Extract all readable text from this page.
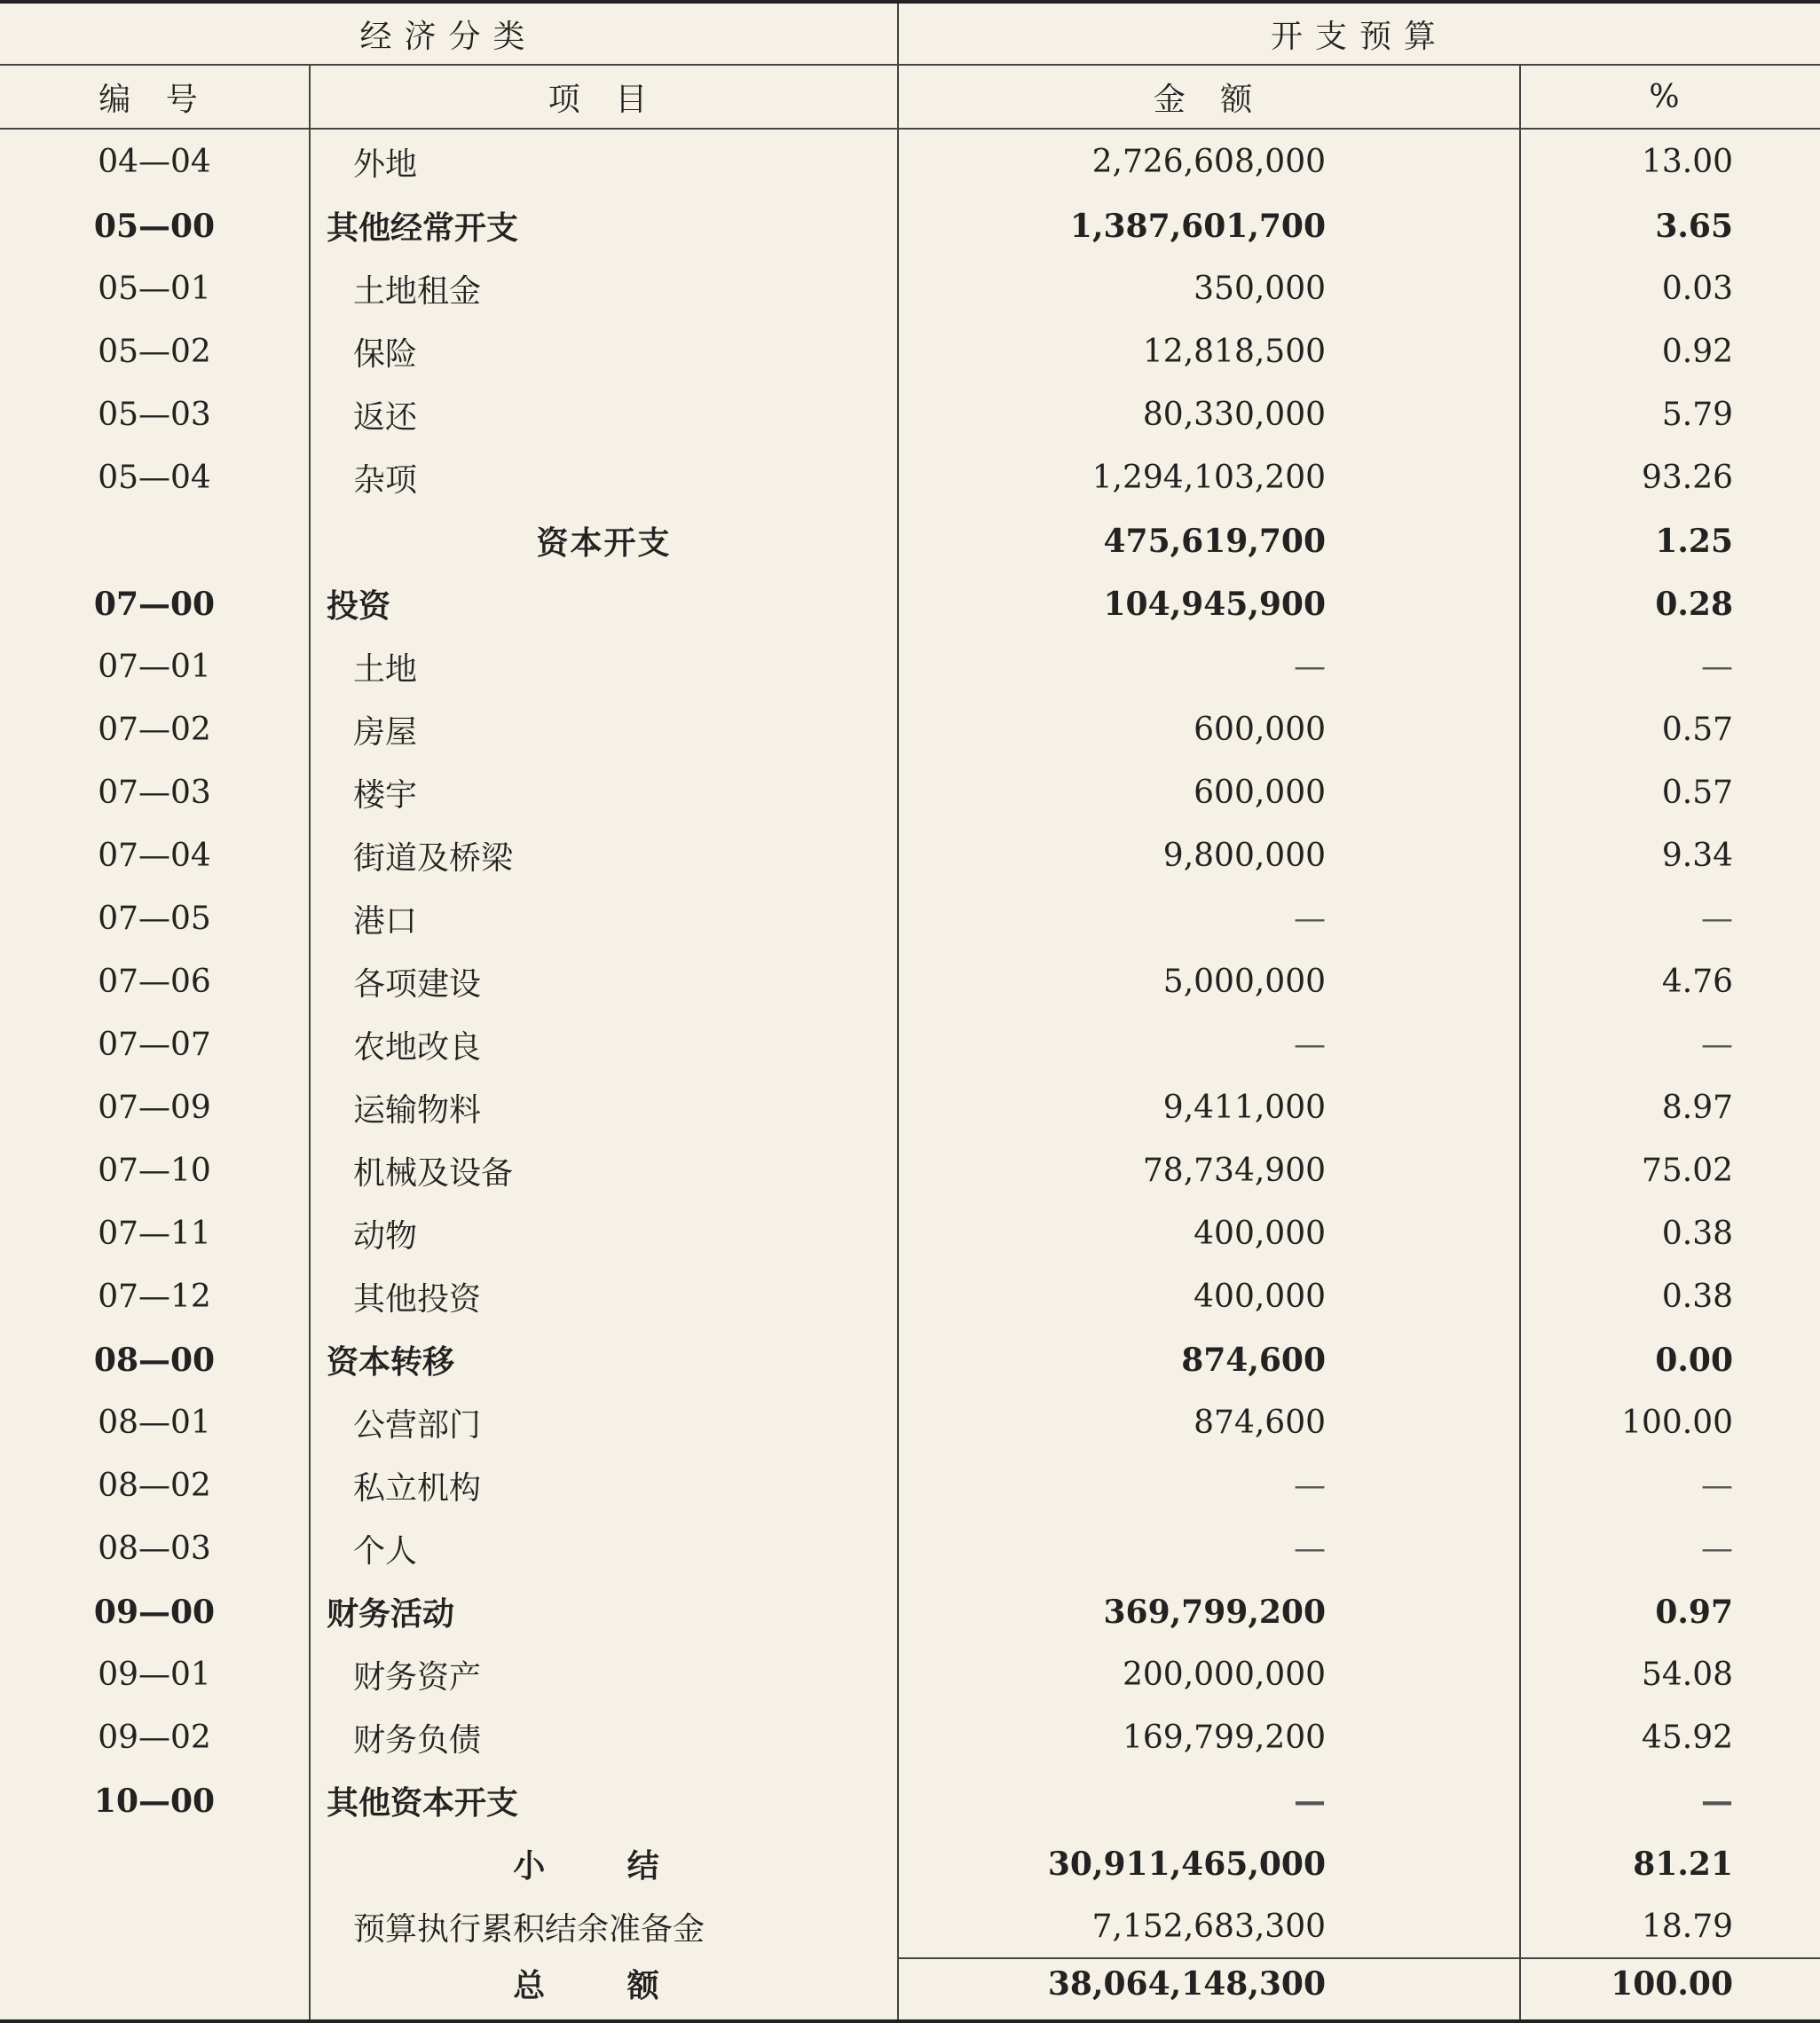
经济分类		开支预算	
编 号	项 目	金 额	%
04—04	外地	2,726,608,000	13.00
05—00	其他经常开支	1,387,601,700	3.65
05—01	土地租金	350,000	0.03
05—02	保险	12,818,500	0.92
05—03	返还	80,330,000	5.79
05—04	杂项	1,294,103,200	93.26
	资本开支	475,619,700	1.25
07—00	投资	104,945,900	0.28
07—01	土地	—	—
07—02	房屋	600,000	0.57
07—03	楼宇	600,000	0.57
07—04	街道及桥梁	9,800,000	9.34
07—05	港口	—	—
07—06	各项建设	5,000,000	4.76
07—07	农地改良	—	—
07—09	运输物料	9,411,000	8.97
07—10	机械及设备	78,734,900	75.02
07—11	动物	400,000	0.38
07—12	其他投资	400,000	0.38
08—00	资本转移	874,600	0.00
08—01	公营部门	874,600	100.00
08—02	私立机构	—	—
08—03	个人	—	—
09—00	财务活动	369,799,200	0.97
09—01	财务资产	200,000,000	54.08
09—02	财务负债	169,799,200	45.92
10—00	其他资本开支	—	—
	小 结	30,911,465,000	81.21
	预算执行累积结余准备金	7,152,683,300	18.79
	总 额	38,064,148,300	100.00
